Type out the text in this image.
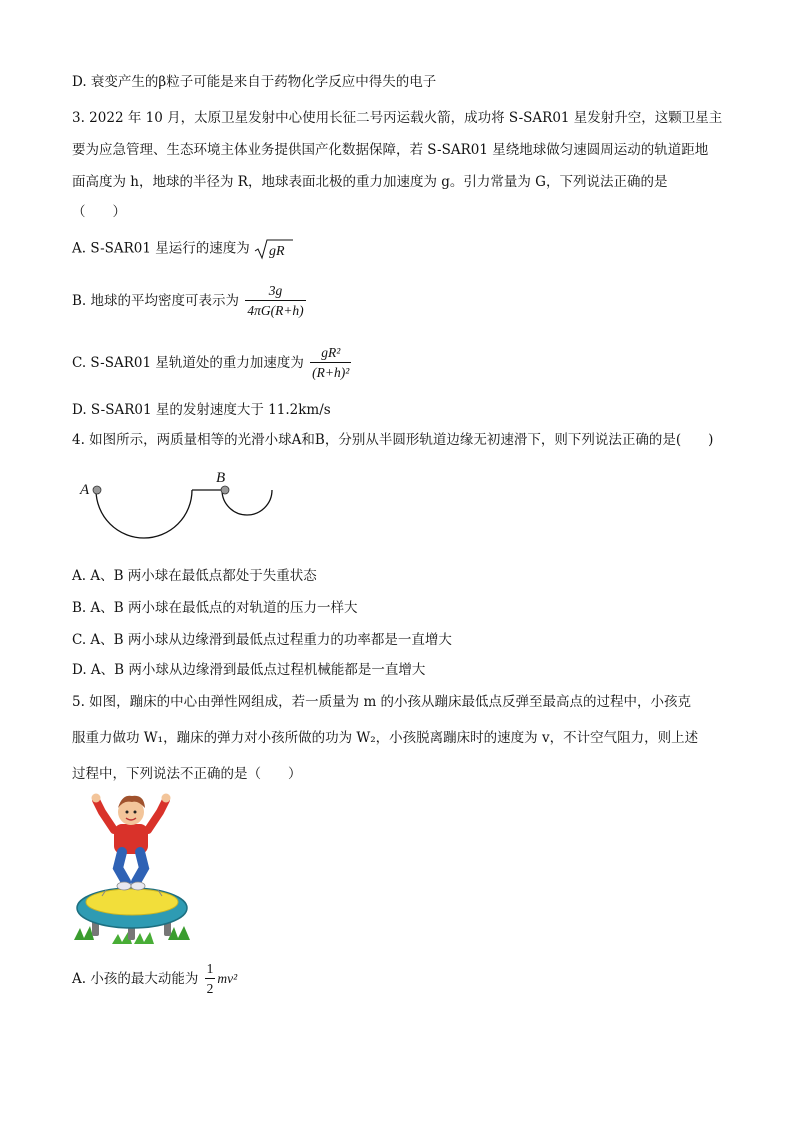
D. 衰变产生的β粒子可能是来自于药物化学反应中得失的电子
3. 2022 年 10 月，太原卫星发射中心使用长征二号丙运载火箭，成功将 S-SAR01 星发射升空，这颗卫星主
要为应急管理、生态环境主体业务提供国产化数据保障，若 S-SAR01 星绕地球做匀速圆周运动的轨道距地
面高度为 h，地球的半径为 R，地球表面北极的重力加速度为 g。引力常量为 G，下列说法正确的是
（　　）
A. S-SAR01 星运行的速度为 gR
B. 地球的平均密度可表示为 $\frac{3g}{4\pi G(R+h)}$
C. S-SAR01 星轨道处的重力加速度为 $\frac{\text{gR²}}{\text{(R+h)²}}$
D. S-SAR01 星的发射速度大于 11.2km/s
4. 如图所示，两质量相等的光滑小球A和B，分别从半圆形轨道边缘无初速滑下，则下列说法正确的是(　　)
A
B
A. A、B 两小球在最低点都处于失重状态
B. A、B 两小球在最低点的对轨道的压力一样大
C. A、B 两小球从边缘滑到最低点过程重力的功率都是一直增大
D. A、B 两小球从边缘滑到最低点过程机械能都是一直增大
5. 如图，蹦床的中心由弹性网组成，若一质量为 m 的小孩从蹦床最低点反弹至最高点的过程中，小孩克
服重力做功 W₁，蹦床的弹力对小孩所做的功为 W₂，小孩脱离蹦床时的速度为 v，不计空气阻力，则上述
过程中，下列说法不正确的是（　　）
A. 小孩的最大动能为 $\frac{1}{2} mv^2$
